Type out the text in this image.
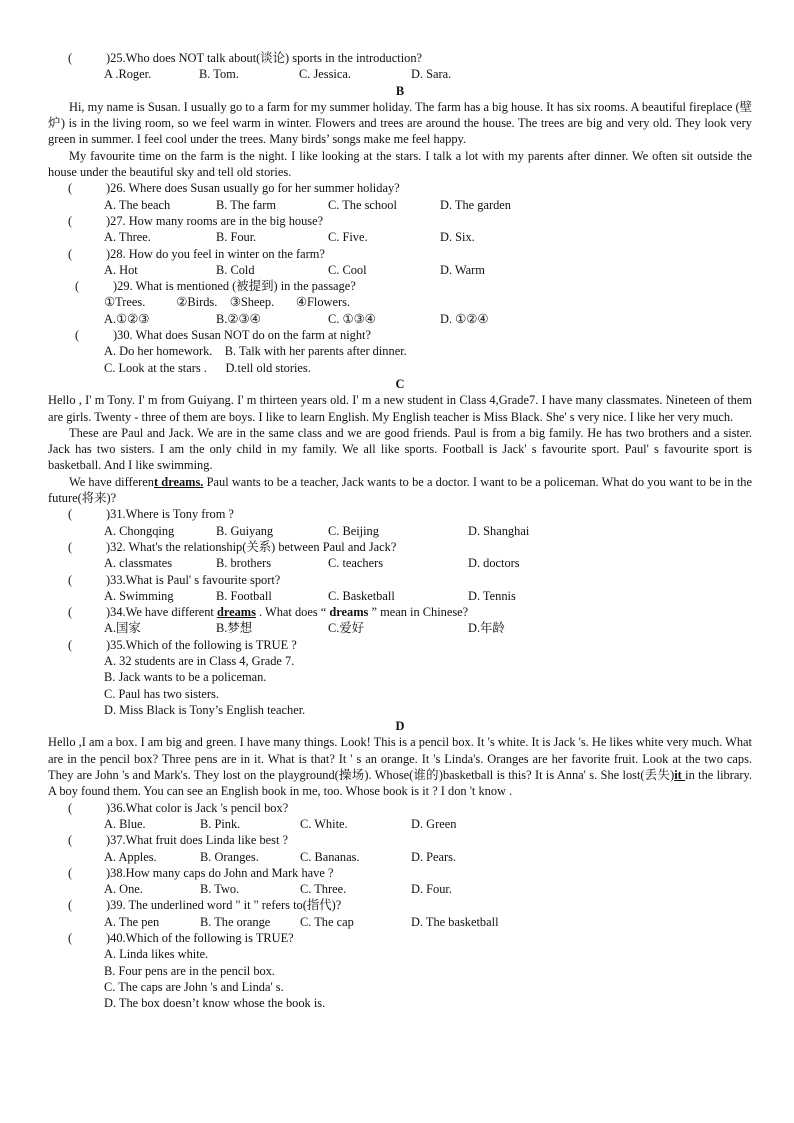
(	)25.Who does NOT talk about(谈论) sports in the introduction?
A .Roger.	B. Tom.	C. Jessica.	D. Sara.
B
Hi, my name is Susan. I usually go to a farm for my summer holiday. The farm has a big house. It has six rooms. A beautiful fireplace (壁炉) is in the living room, so we feel warm in winter. Flowers and trees are around the house. The trees are big and very old. They look very green in summer. I feel cool under the trees. Many birds’ songs make me feel happy.
My favourite time on the farm is the night. I like looking at the stars. I talk a lot with my parents after dinner. We often sit outside the house under the beautiful sky and tell old stories.
(	)26. Where does Susan usually go for her summer holiday?
A. The beach	B. The farm	C. The school	D. The garden
(	)27. How many rooms are in the big house?
A. Three.	B. Four.	C. Five.	D. Six.
(	)28. How do you feel in winter on the farm?
A. Hot	B. Cold	C. Cool	D. Warm
(	)29. What is mentioned (被提到) in the passage?
①Trees.          ②Birds.    ③Sheep.       ④Flowers.
A.①②③	B.②③④	C. ①③④	D. ①②④
(	)30. What does Susan NOT do on the farm at night?
A. Do her homework.    B. Talk with her parents after dinner.
C. Look at the stars .      D.tell old stories.
C
Hello , I' m Tony. I' m from Guiyang. I' m thirteen years old. I' m a new student in Class 4,Grade7. I have many classmates. Nineteen of them are girls. Twenty - three of them are boys. I like to learn English. My English teacher is Miss Black. She' s very nice. I like her very much.
These are Paul and Jack. We are in the same class and we are good friends. Paul is from a big family. He has two brothers and a sister. Jack has two sisters. I am the only child in my family. We all like sports. Football is Jack' s favourite sport. Paul' s favourite sport is basketball. And I like swimming.
We have different dreams. Paul wants to be a teacher, Jack wants to be a doctor. I want to be a policeman. What do you want to be in the future(将来)?
(	)31.Where is Tony from ?
A. Chongqing	B. Guiyang	C. Beijing	D. Shanghai
(	)32. What's the relationship(关系) between Paul and Jack?
A. classmates	B. brothers	C. teachers	D. doctors
(	)33.What is Paul' s favourite sport?
A. Swimming	B. Football	C. Basketball	D. Tennis
(	)34.We have different dreams . What does “ dreams ” mean in Chinese?
A.国家	B.梦想	C.爱好	D.年龄
(	)35.Which of the following is TRUE ?
A. 32 students are in Class 4, Grade 7.
B. Jack wants to be a policeman.
C. Paul has two sisters.
D. Miss Black is Tony’s English teacher.
D
Hello ,I am a box. I am big and green. I have many things. Look! This is a pencil box. It 's white. It is Jack 's. He likes white very much. What are in the pencil box? Three pens are in it. What is that? It ' s an orange. It 's Linda's. Oranges are her favorite fruit. Look at the two caps. They are John 's and Mark's. They lost on the playground(操场). Whose(谁的)basketball is this? It is Anna' s. She lost(丢失)it in the library. A boy found them. You can see an English book in me, too. Whose book is it ? I don 't know .
(	)36.What color is Jack 's pencil box?
A. Blue.	B. Pink.	C. White.	D. Green
(	)37.What fruit does Linda like best ?
A. Apples.	B. Oranges.	C. Bananas.	D. Pears.
(	)38.How many caps do John and Mark have ?
A. One.	B. Two.	C. Three.	D. Four.
(	)39. The underlined word " it " refers to(指代)?
A. The pen	B. The orange	C. The cap	D. The basketball
(	)40.Which of the following is TRUE?
A. Linda likes white.
B. Four pens are in the pencil box.
C. The caps are John 's and Linda' s.
D. The box doesn’t know whose the book is.
